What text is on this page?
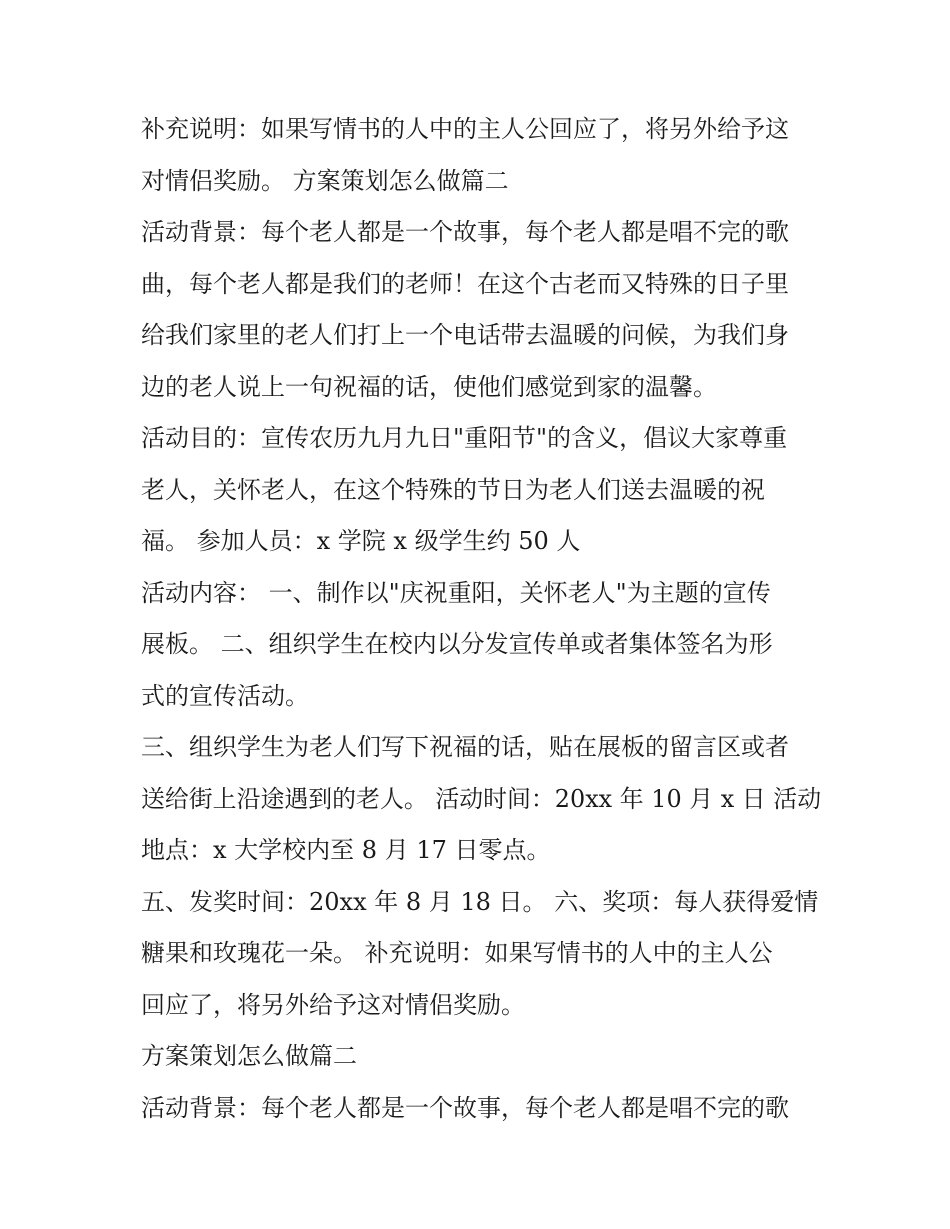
补充说明：如果写情书的人中的主人公回应了，将另外给予这
对情侣奖励。 方案策划怎么做篇二
活动背景：每个老人都是一个故事，每个老人都是唱不完的歌
曲，每个老人都是我们的老师！在这个古老而又特殊的日子里
给我们家里的老人们打上一个电话带去温暖的问候，为我们身
边的老人说上一句祝福的话，使他们感觉到家的温馨。
活动目的：宣传农历九月九日"重阳节"的含义，倡议大家尊重
老人，关怀老人，在这个特殊的节日为老人们送去温暖的祝
福。 参加人员：x 学院 x 级学生约 50 人
活动内容： 一、制作以"庆祝重阳，关怀老人"为主题的宣传
展板。 二、组织学生在校内以分发宣传单或者集体签名为形
式的宣传活动。
三、组织学生为老人们写下祝福的话，贴在展板的留言区或者
送给街上沿途遇到的老人。 活动时间：20xx 年 10 月 x 日 活动
地点：x 大学校内至 8 月 17 日零点。
五、发奖时间：20xx 年 8 月 18 日。 六、奖项：每人获得爱情
糖果和玫瑰花一朵。 补充说明：如果写情书的人中的主人公
回应了，将另外给予这对情侣奖励。
方案策划怎么做篇二
活动背景：每个老人都是一个故事，每个老人都是唱不完的歌
